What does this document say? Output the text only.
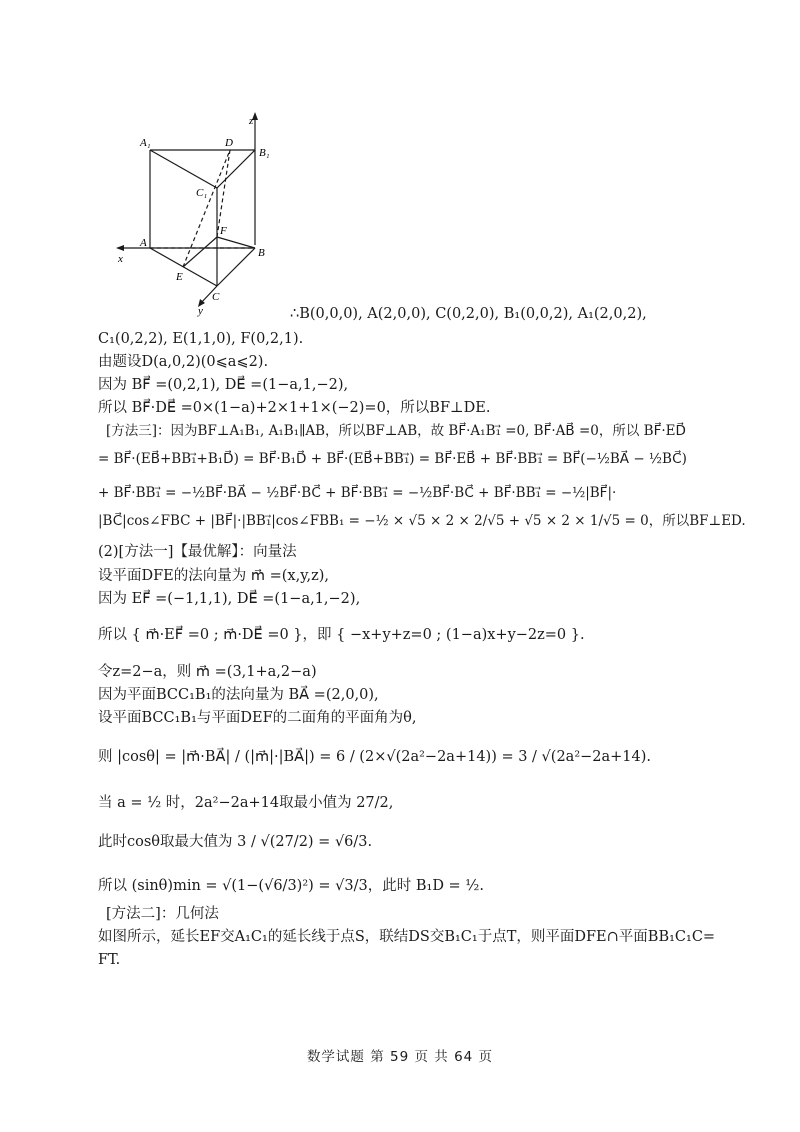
A₁	D
B₁
z
C₁
F
A
B
x
E
C
y	∴B(0,0,0), A(2,0,0), C(0,2,0), B₁(0,0,2), A₁(2,0,2),
C₁(0,2,2), E(1,1,0), F(0,2,1).
由题设D(a,0,2)(0⩽a⩽2).
因为 BF⃗ =(0,2,1), DE⃗ =(1−a,1,−2),
所以 BF⃗·DE⃗ =0×(1−a)+2×1+1×(−2)=0，所以BF⊥DE.
[方法三]：因为BF⊥A₁B₁, A₁B₁∥AB，所以BF⊥AB，故 BF⃗·A₁B₁⃗ =0, BF⃗·AB⃗ =0，所以 BF⃗·ED⃗
= BF⃗·(EB⃗+BB₁⃗+B₁D⃗) = BF⃗·B₁D⃗ + BF⃗·(EB⃗+BB₁⃗) = BF⃗·EB⃗ + BF⃗·BB₁⃗ = BF⃗(−½BA⃗ − ½BC⃗)
+ BF⃗·BB₁⃗ = −½BF⃗·BA⃗ − ½BF⃗·BC⃗ + BF⃗·BB₁⃗ = −½BF⃗·BC⃗ + BF⃗·BB₁⃗ = −½|BF⃗|·
|BC⃗|cos∠FBC + |BF⃗|·|BB₁⃗|cos∠FBB₁ = −½ × √5 × 2 × 2/√5 + √5 × 2 × 1/√5 = 0，所以BF⊥ED.
(2)[方法一]【最优解】：向量法
设平面DFE的法向量为 m⃗ =(x,y,z),
因为 EF⃗ =(−1,1,1), DE⃗ =(1−a,1,−2),
所以 { m⃗·EF⃗ =0 ; m⃗·DE⃗ =0 }，即 { −x+y+z=0 ; (1−a)x+y−2z=0 }.
令z=2−a，则 m⃗ =(3,1+a,2−a)
因为平面BCC₁B₁的法向量为 BA⃗ =(2,0,0),
设平面BCC₁B₁与平面DEF的二面角的平面角为θ,
则 |cosθ| = |m⃗·BA⃗| / (|m⃗|·|BA⃗|) = 6 / (2×√(2a²−2a+14)) = 3 / √(2a²−2a+14).
当 a = ½ 时，2a²−2a+14取最小值为 27/2,
此时cosθ取最大值为 3 / √(27/2) = √6/3.
所以 (sinθ)min = √(1−(√6/3)²) = √3/3，此时 B₁D = ½.
[方法二]：几何法
如图所示，延长EF交A₁C₁的延长线于点S，联结DS交B₁C₁于点T，则平面DFE∩平面BB₁C₁C=
FT.
数学试题 第 59 页 共 64 页
